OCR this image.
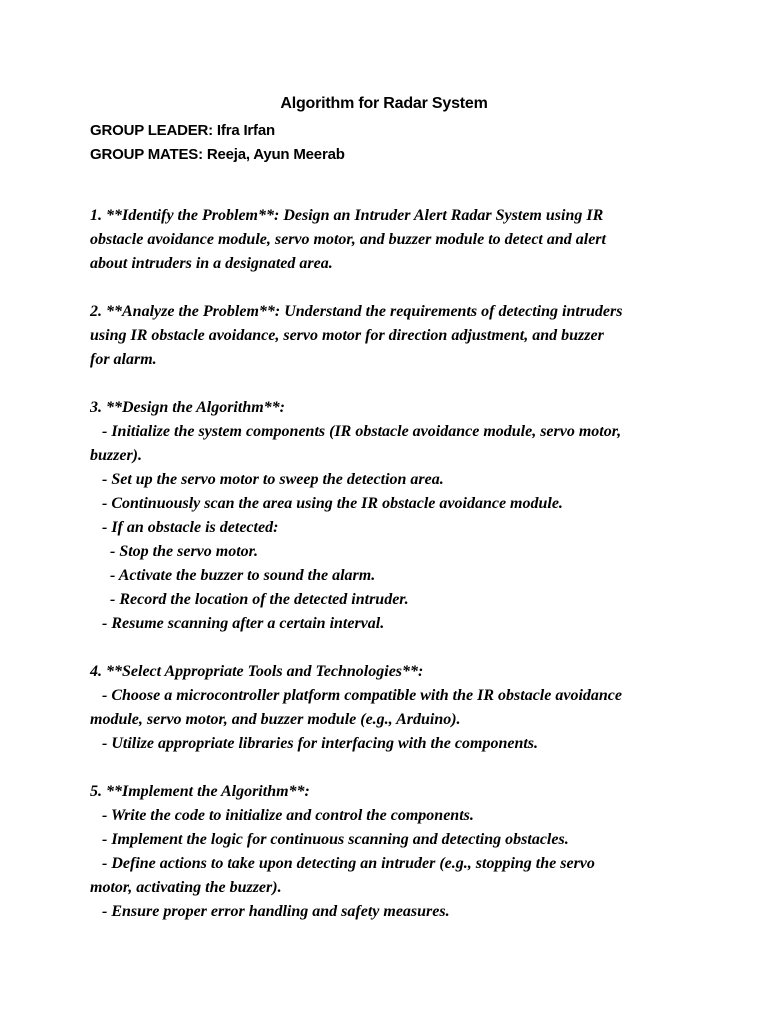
Algorithm for Radar System
GROUP LEADER: Ifra Irfan
GROUP MATES: Reeja, Ayun Meerab
1. **Identify the Problem**: Design an Intruder Alert Radar System using IR
obstacle avoidance module, servo motor, and buzzer module to detect and alert
about intruders in a designated area.
2. **Analyze the Problem**: Understand the requirements of detecting intruders
using IR obstacle avoidance, servo motor for direction adjustment, and buzzer
for alarm.
3. **Design the Algorithm**:
- Initialize the system components (IR obstacle avoidance module, servo motor,
buzzer).
- Set up the servo motor to sweep the detection area.
- Continuously scan the area using the IR obstacle avoidance module.
- If an obstacle is detected:
- Stop the servo motor.
- Activate the buzzer to sound the alarm.
- Record the location of the detected intruder.
- Resume scanning after a certain interval.
4. **Select Appropriate Tools and Technologies**:
- Choose a microcontroller platform compatible with the IR obstacle avoidance
module, servo motor, and buzzer module (e.g., Arduino).
- Utilize appropriate libraries for interfacing with the components.
5. **Implement the Algorithm**:
- Write the code to initialize and control the components.
- Implement the logic for continuous scanning and detecting obstacles.
- Define actions to take upon detecting an intruder (e.g., stopping the servo
motor, activating the buzzer).
- Ensure proper error handling and safety measures.
